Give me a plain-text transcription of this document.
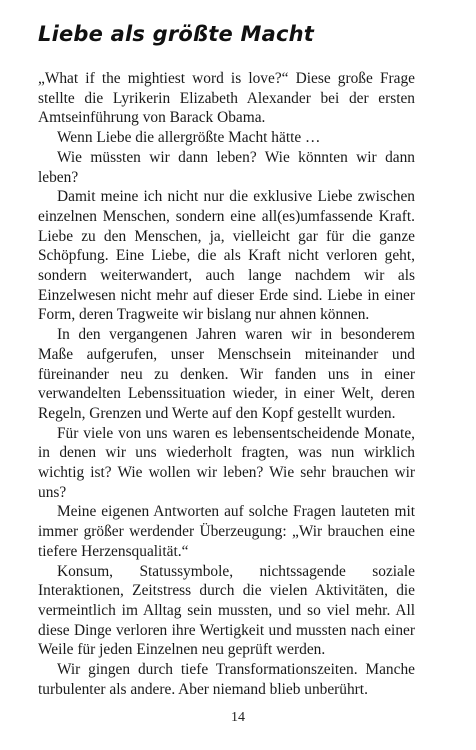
Liebe als größte Macht

„What if the mightiest word is love?“ Diese große Frage stellte die Lyrikerin Elizabeth Alexander bei der ersten Amtseinführung von Barack Obama.

Wenn Liebe die allergrößte Macht hätte …

Wie müssten wir dann leben? Wie könnten wir dann leben?

Damit meine ich nicht nur die exklusive Liebe zwischen einzelnen Menschen, sondern eine all(es)umfassende Kraft. Liebe zu den Menschen, ja, vielleicht gar für die ganze Schöpfung. Eine Liebe, die als Kraft nicht verloren geht, sondern weiterwandert, auch lange nachdem wir als Einzelwesen nicht mehr auf dieser Erde sind. Liebe in einer Form, deren Tragweite wir bislang nur ahnen können.

In den vergangenen Jahren waren wir in besonderem Maße aufgerufen, unser Menschsein miteinander und füreinander neu zu denken. Wir fanden uns in einer verwandelten Lebenssituation wieder, in einer Welt, deren Regeln, Grenzen und Werte auf den Kopf gestellt wurden.

Für viele von uns waren es lebensentscheidende Monate, in denen wir uns wiederholt fragten, was nun wirklich wichtig ist? Wie wollen wir leben? Wie sehr brauchen wir uns?

Meine eigenen Antworten auf solche Fragen lauteten mit immer größer werdender Überzeugung: „Wir brauchen eine tiefere Herzensqualität.“

Konsum, Statussymbole, nichtssagende soziale Interaktionen, Zeitstress durch die vielen Aktivitäten, die vermeintlich im Alltag sein mussten, und so viel mehr. All diese Dinge verloren ihre Wertigkeit und mussten nach einer Weile für jeden Einzelnen neu geprüft werden.

Wir gingen durch tiefe Transformationszeiten. Manche turbulenter als andere. Aber niemand blieb unberührt.

14
